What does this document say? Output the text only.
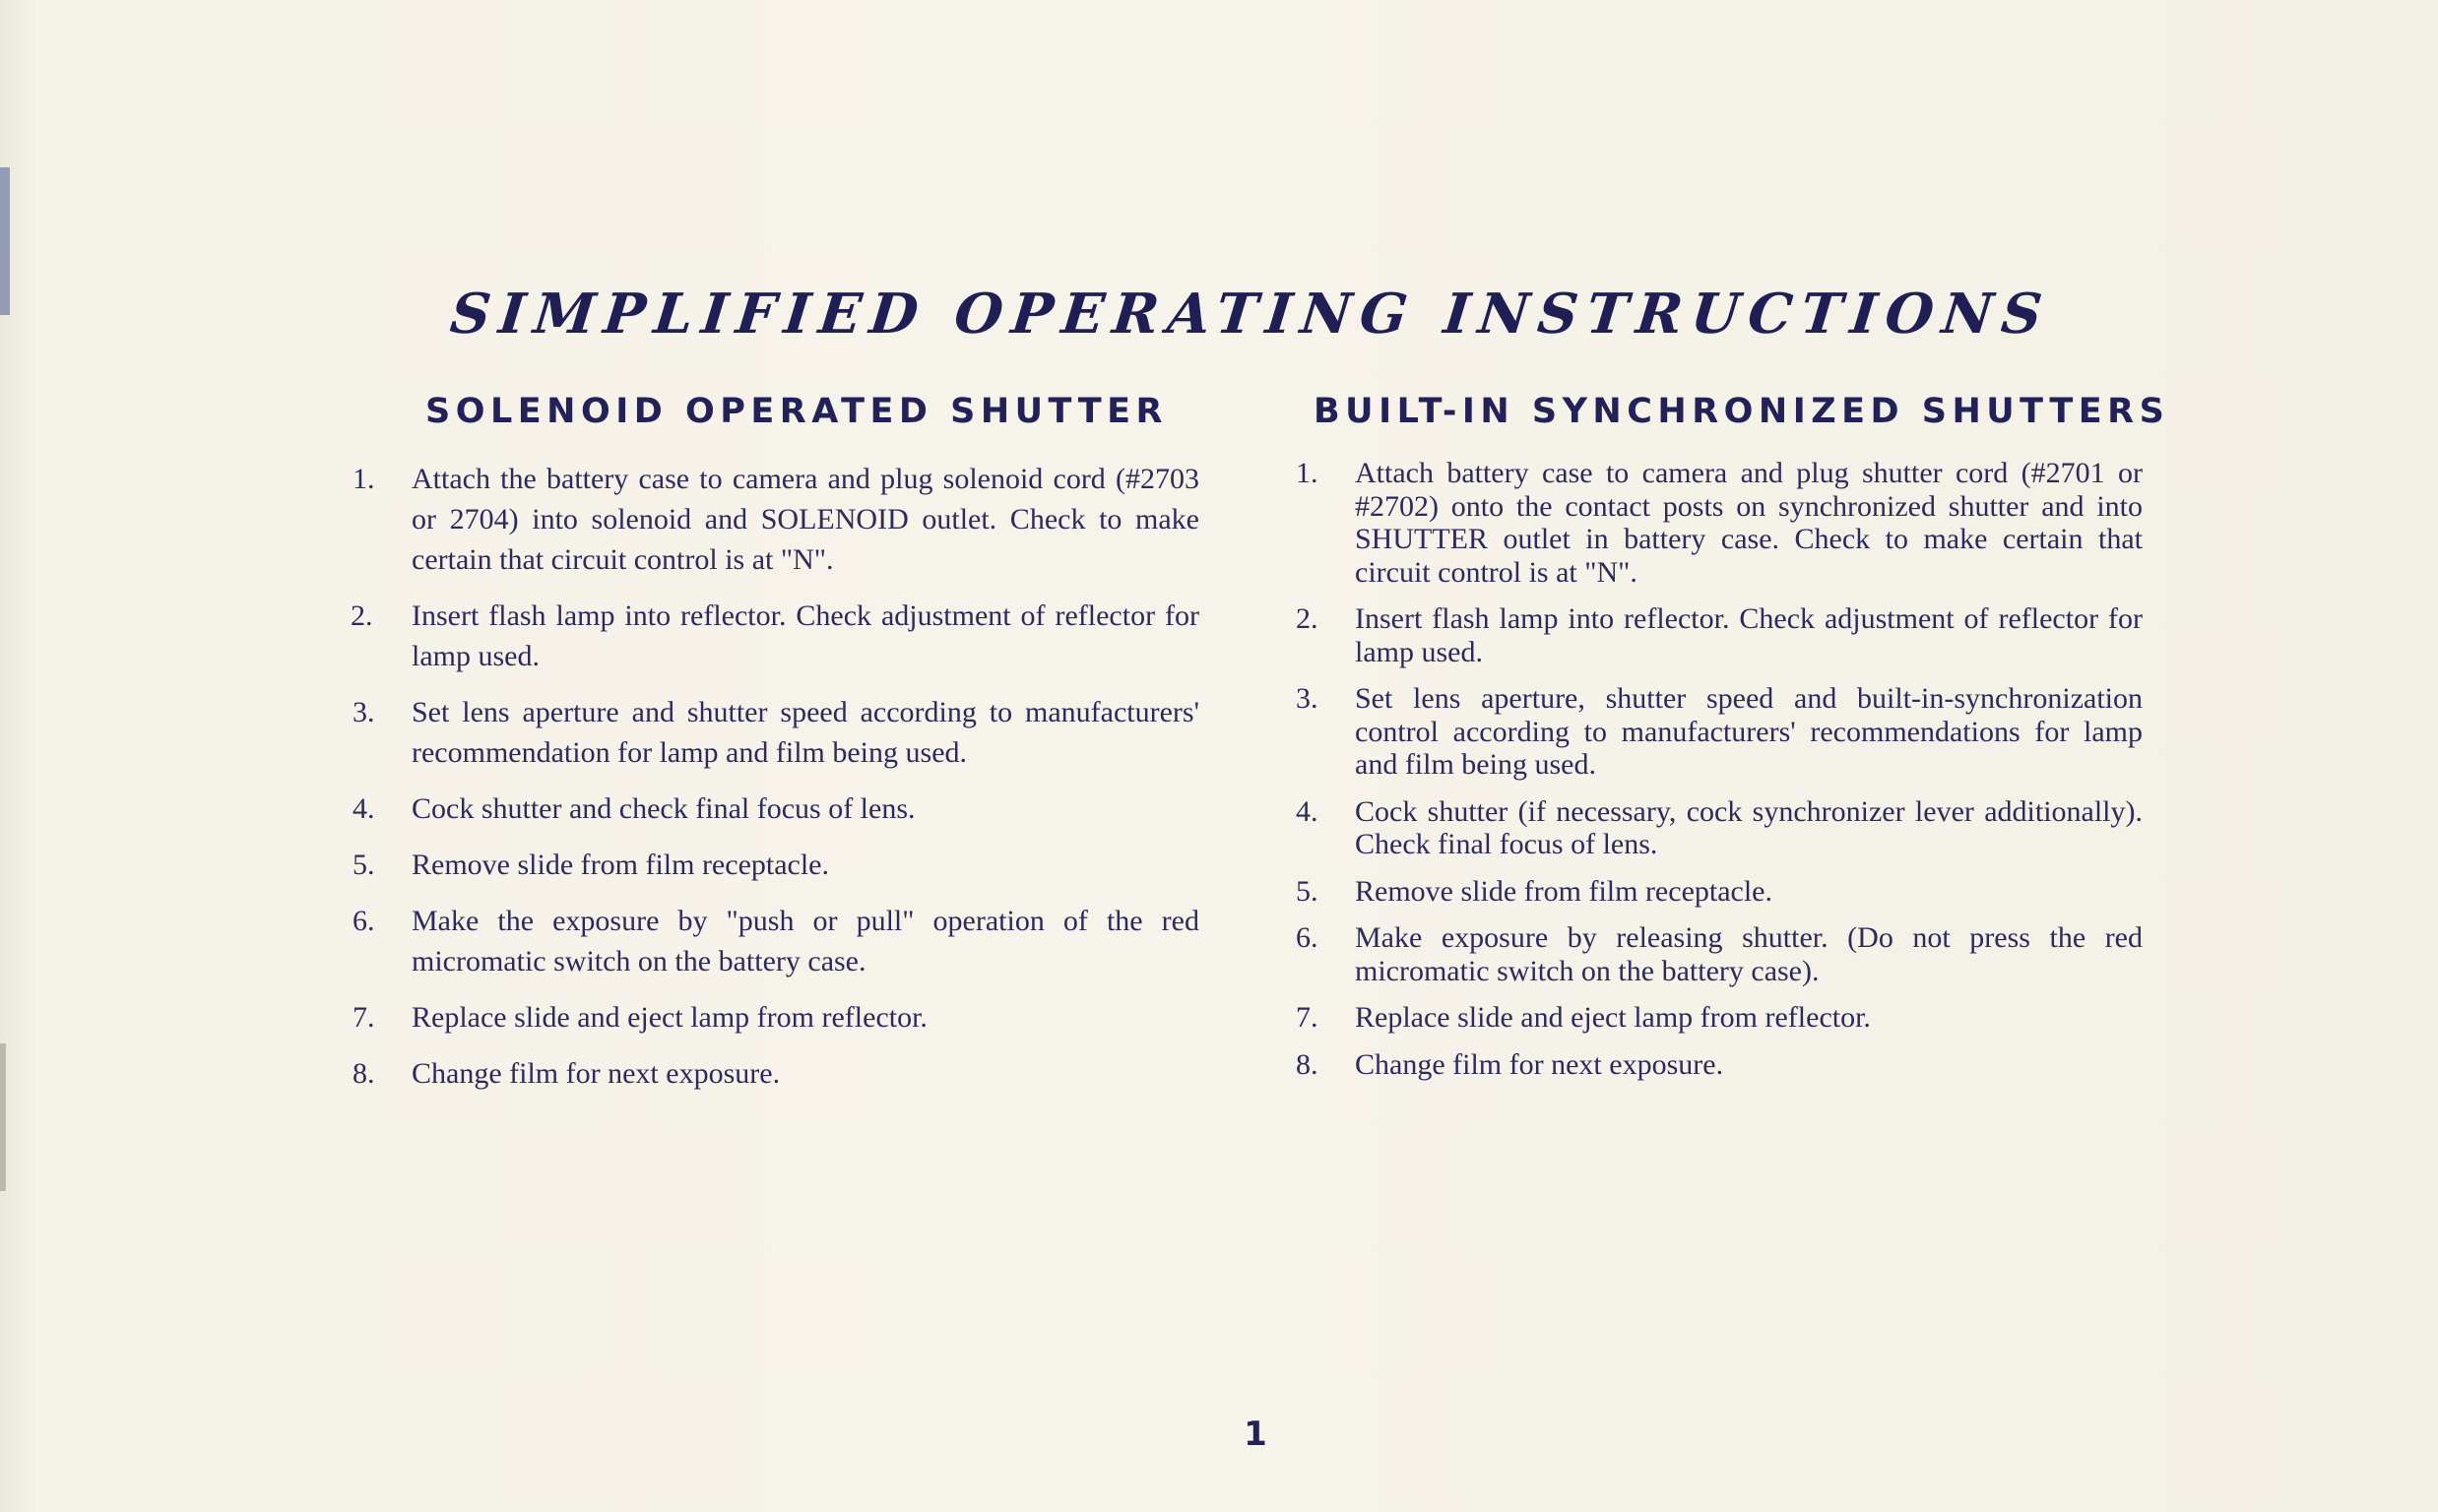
SIMPLIFIED OPERATING INSTRUCTIONS
SOLENOID OPERATED SHUTTER
1. Attach the battery case to camera and plug solenoid cord (#2703 or 2704) into solenoid and SOLENOID outlet. Check to make certain that circuit control is at "N".
2. Insert flash lamp into reflector. Check adjustment of reflector for lamp used.
3. Set lens aperture and shutter speed according to manufacturers' recommendation for lamp and film being used.
4. Cock shutter and check final focus of lens.
5. Remove slide from film receptacle.
6. Make the exposure by "push or pull" operation of the red micromatic switch on the battery case.
7. Replace slide and eject lamp from reflector.
8. Change film for next exposure.
BUILT-IN SYNCHRONIZED SHUTTERS
1. Attach battery case to camera and plug shutter cord (#2701 or #2702) onto the contact posts on synchronized shutter and into SHUTTER outlet in battery case. Check to make certain that circuit control is at "N".
2. Insert flash lamp into reflector. Check adjustment of reflector for lamp used.
3. Set lens aperture, shutter speed and built-in-synchronization control according to manufacturers' recommendations for lamp and film being used.
4. Cock shutter (if necessary, cock synchronizer lever additionally). Check final focus of lens.
5. Remove slide from film receptacle.
6. Make exposure by releasing shutter. (Do not press the red micromatic switch on the battery case).
7. Replace slide and eject lamp from reflector.
8. Change film for next exposure.
1
